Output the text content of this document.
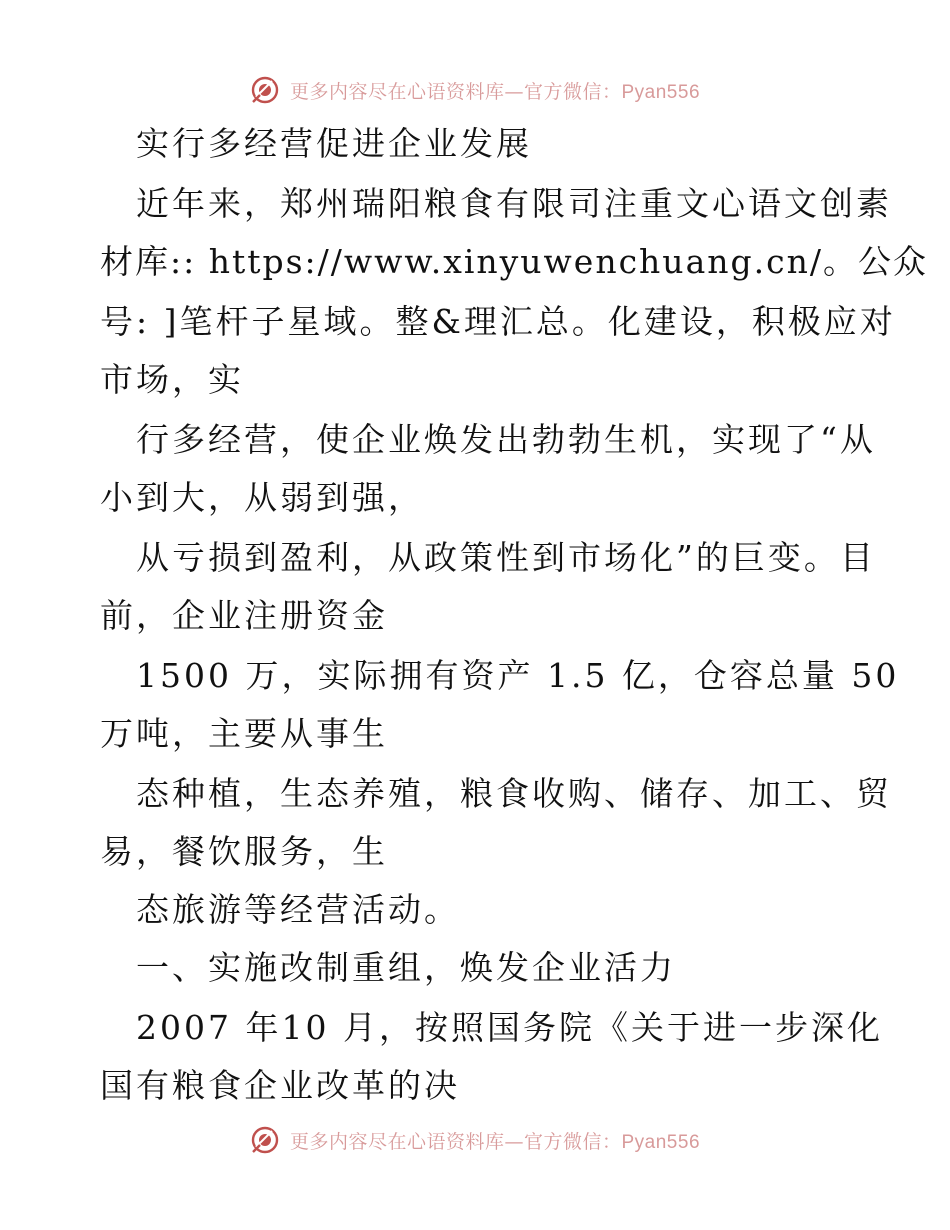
更多内容尽在心语资料库—官方微信：Pyan556
实行多经营促进企业发展
近年来，郑州瑞阳粮食有限司注重文心语文创素
材库:: https://www.xinyuwenchuang.cn/。公众
号: ]笔杆子星域。整&理汇总。化建设，积极应对
市场，实
行多经营，使企业焕发出勃勃生机，实现了“从
小到大，从弱到强，
从亏损到盈利，从政策性到市场化”的巨变。目
前，企业注册资金
1500 万，实际拥有资产 1.5 亿，仓容总量 50
万吨，主要从事生
态种植，生态养殖，粮食收购、储存、加工、贸
易，餐饮服务，生
态旅游等经营活动。
一、实施改制重组，焕发企业活力
2007 年10 月，按照国务院《关于进一步深化
国有粮食企业改革的决
更多内容尽在心语资料库—官方微信：Pyan556
